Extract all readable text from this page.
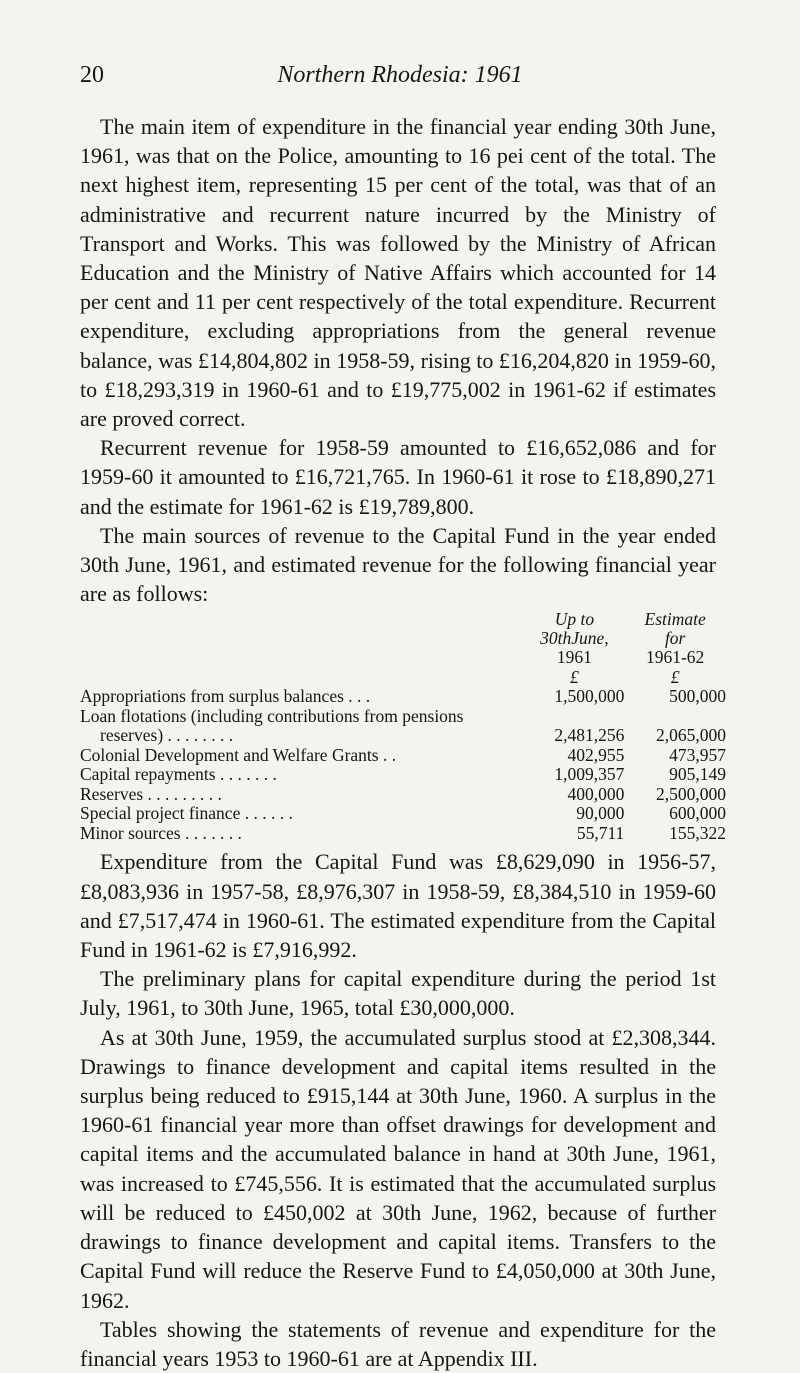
20	Northern Rhodesia: 1961

The main item of expenditure in the financial year ending 30th June, 1961, was that on the Police, amounting to 16 pei cent of the total. The next highest item, representing 15 per cent of the total, was that of an administrative and recurrent nature incurred by the Ministry of Transport and Works. This was followed by the Ministry of African Education and the Ministry of Native Affairs which accounted for 14 per cent and 11 per cent respectively of the total expenditure. Recurrent expenditure, excluding appropriations from the general revenue balance, was £14,804,802 in 1958-59, rising to £16,204,820 in 1959-60, to £18,293,319 in 1960-61 and to £19,775,002 in 1961-62 if estimates are proved correct.

Recurrent revenue for 1958-59 amounted to £16,652,086 and for 1959-60 it amounted to £16,721,765. In 1960-61 it rose to £18,890,271 and the estimate for 1961-62 is £19,789,800.

The main sources of revenue to the Capital Fund in the year ended 30th June, 1961, and estimated revenue for the following financial year are as follows:

	Up to	Estimate

	30thJune,	for

	1961	1961-62
	£	£
Appropriations from surplus balances . . .	1,500,000	500,000
Loan flotations (including contributions from pensions		
reserves) . . . . . . . .	2,481,256	2,065,000
Colonial Development and Welfare Grants . .	402,955	473,957
Capital repayments . . . . . . .	1,009,357	905,149
Reserves . . . . . . . . .	400,000	2,500,000
Special project finance . . . . . .	90,000	600,000
Minor sources . . . . . . .	55,711	155,322

Expenditure from the Capital Fund was £8,629,090 in 1956-57, £8,083,936 in 1957-58, £8,976,307 in 1958-59, £8,384,510 in 1959-60 and £7,517,474 in 1960-61. The estimated expenditure from the Capital Fund in 1961-62 is £7,916,992.

The preliminary plans for capital expenditure during the period 1st July, 1961, to 30th June, 1965, total £30,000,000.

As at 30th June, 1959, the accumulated surplus stood at £2,308,344. Drawings to finance development and capital items resulted in the surplus being reduced to £915,144 at 30th June, 1960. A surplus in the 1960-61 financial year more than offset drawings for development and capital items and the accumulated balance in hand at 30th June, 1961, was increased to £745,556. It is estimated that the accumulated surplus will be reduced to £450,002 at 30th June, 1962, because of further drawings to finance development and capital items. Transfers to the Capital Fund will reduce the Reserve Fund to £4,050,000 at 30th June, 1962.

Tables showing the statements of revenue and expenditure for the financial years 1953 to 1960-61 are at Appendix III.
